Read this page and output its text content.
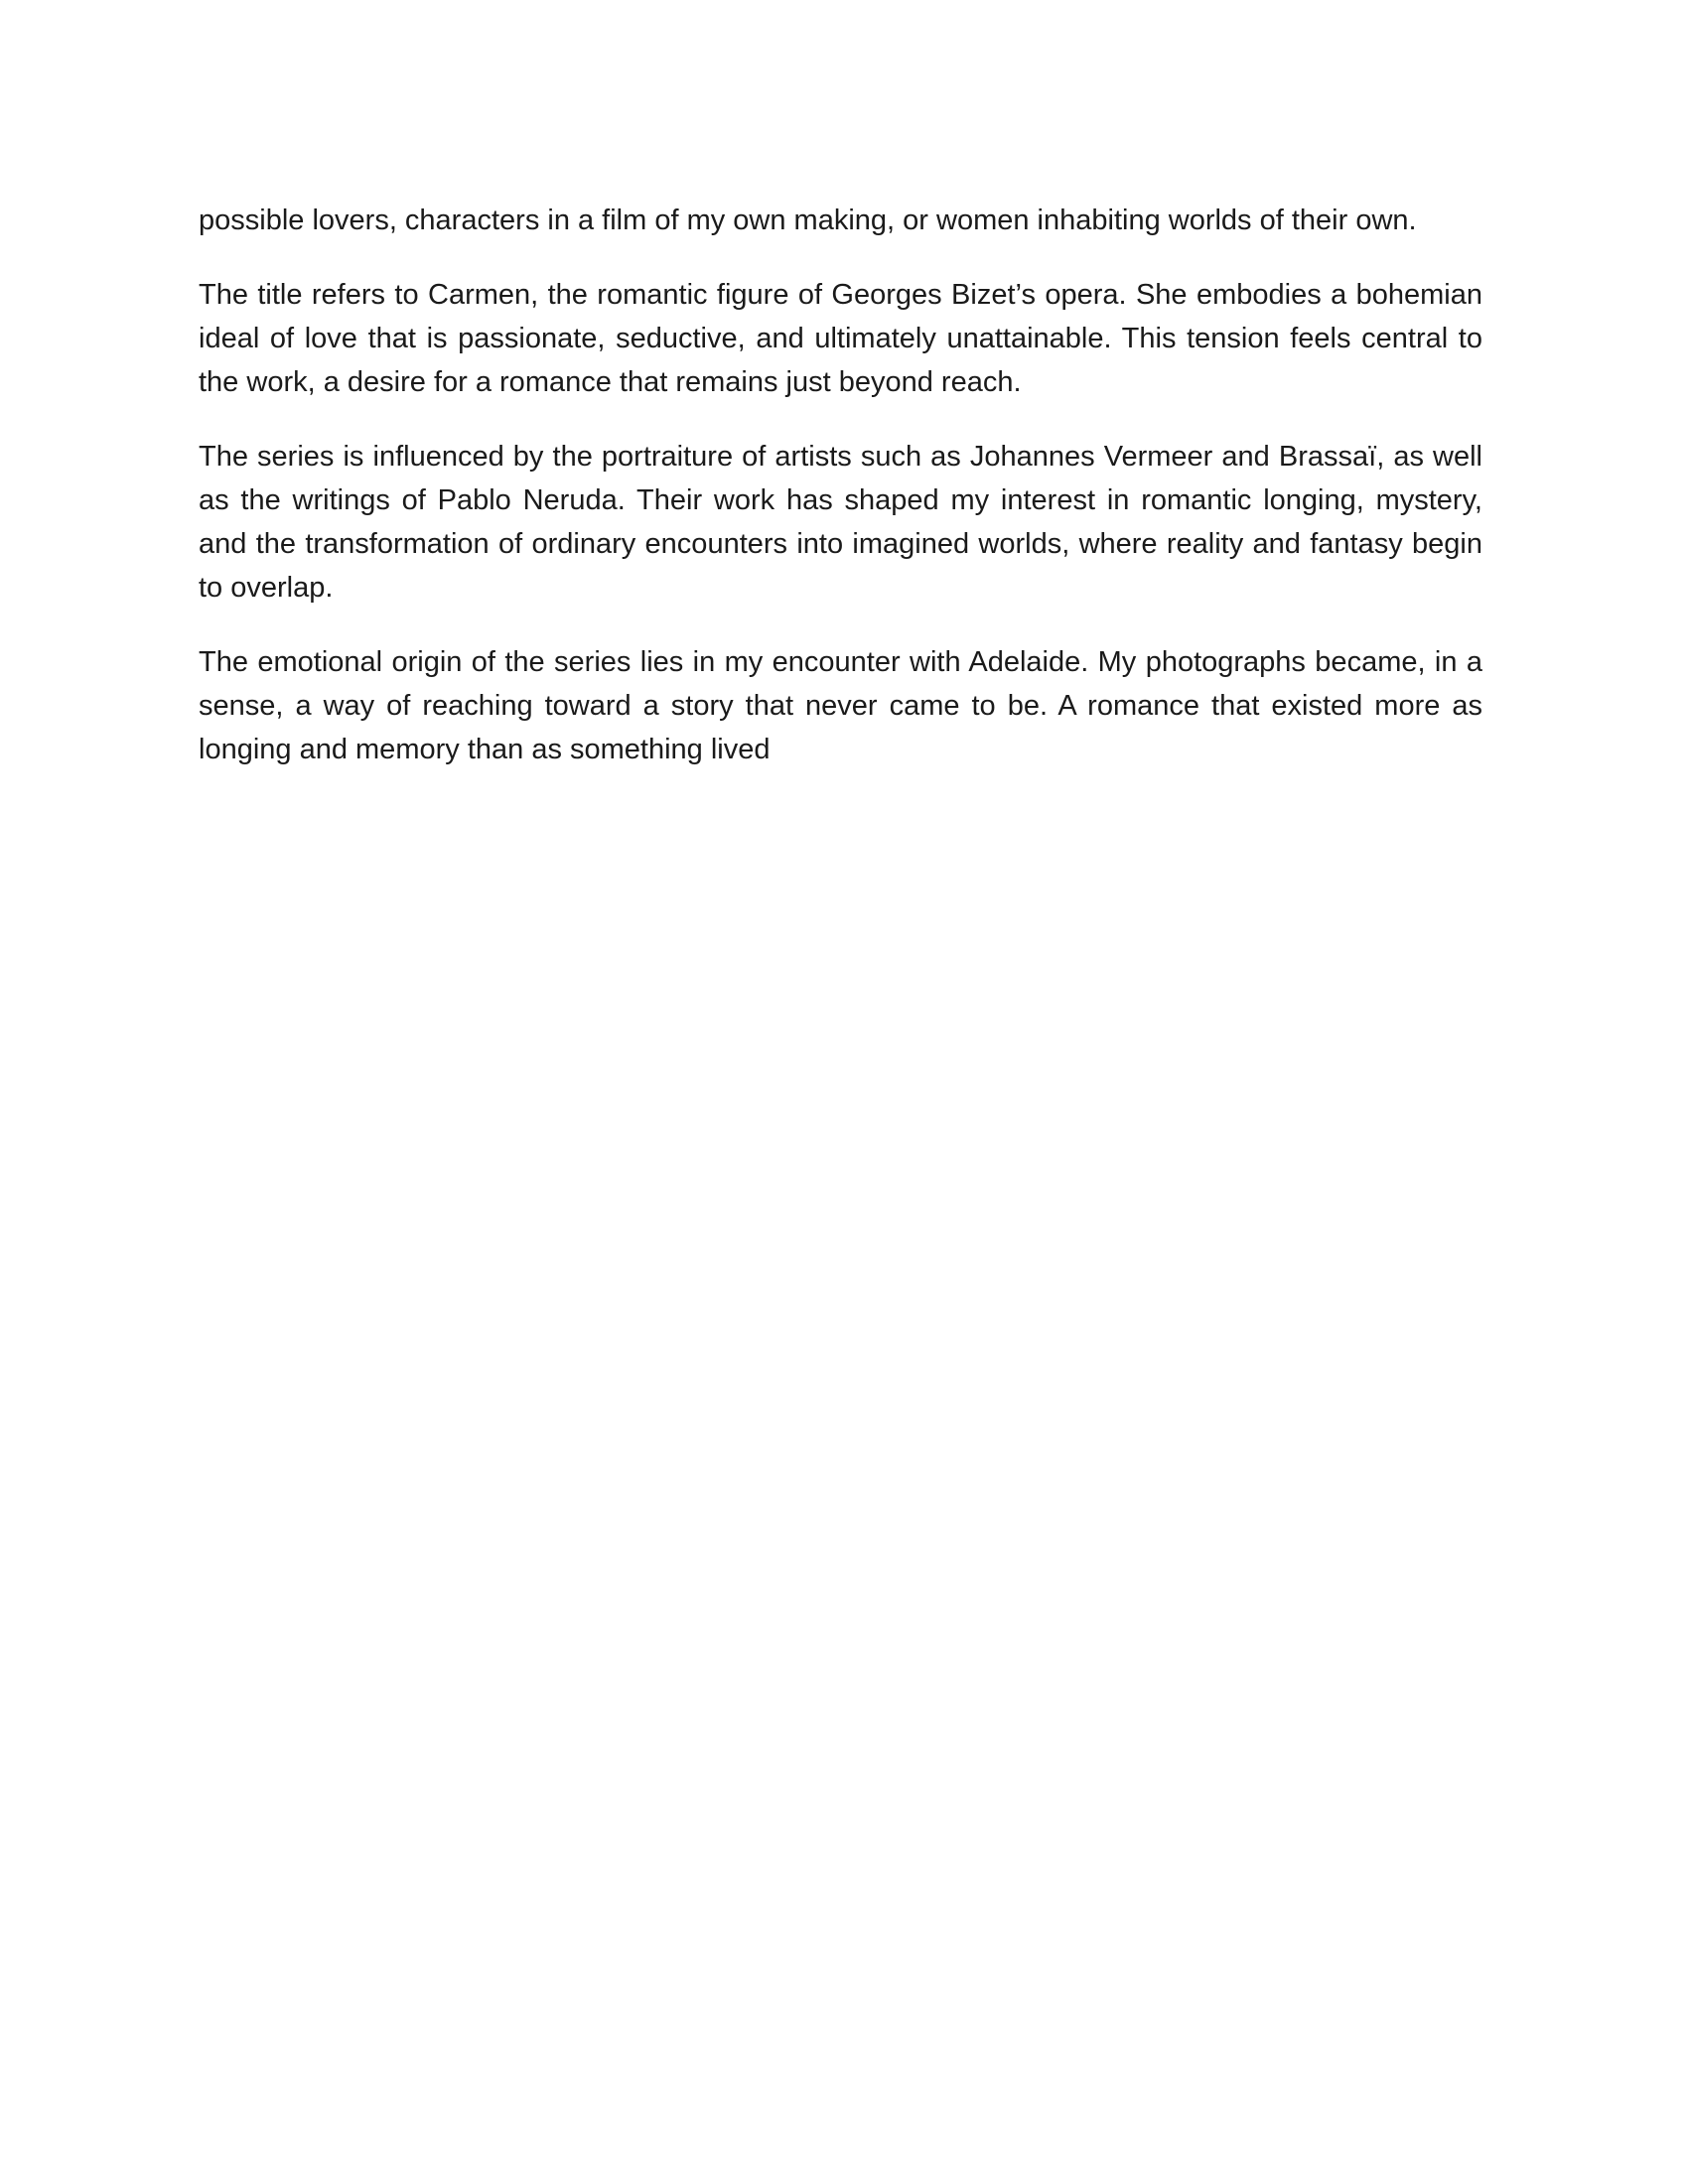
possible lovers, characters in a film of my own making, or women inhabiting worlds of their own.

The title refers to Carmen, the romantic figure of Georges Bizet’s opera. She embodies a bohemian ideal of love that is passionate, seductive, and ultimately unattainable. This tension feels central to the work, a desire for a romance that remains just beyond reach.

The series is influenced by the portraiture of artists such as Johannes Vermeer and Brassaï, as well as the writings of Pablo Neruda. Their work has shaped my interest in romantic longing, mystery, and the transformation of ordinary encounters into imagined worlds, where reality and fantasy begin to overlap.

The emotional origin of the series lies in my encounter with Adelaide. My photographs became, in a sense, a way of reaching toward a story that never came to be. A romance that existed more as longing and memory than as something lived
